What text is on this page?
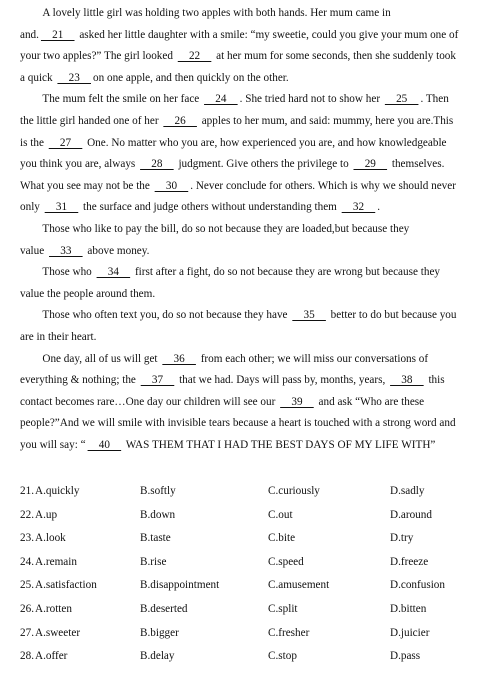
  A lovely little girl was holding two apples with both hands. Her mum came in
and.  21   asked her little daughter with a smile: “my sweetie, could you give your mum one of
your two apples?” The girl looked   22   at her mum for some seconds, then she suddenly took
a quick   23  on one apple, and then quickly on the other.
  The mum felt the smile on her face   24  . She tried hard not to show her   25  . Then
the little girl handed one of her   26   apples to her mum, and said: mummy, here you are.This
is the   27   One. No matter who you are, how experienced you are, and how knowledgeable
you think you are, always   28   judgment. Give others the privilege to   29   themselves.
What you see may not be the   30  . Never conclude for others. Which is why we should never
only   31   the surface and judge others without understanding them   32  .
  Those who like to pay the bill, do so not because they are loaded,but because they
value   33   above money.
  Those who   34   first after a fight, do so not because they are wrong but because they
value the people around them.
  Those who often text you, do so not because they have   35   better to do but because you
are in their heart.
  One day, all of us will get   36   from each other; we will miss our conversations of
everything & nothing; the   37   that we had. Days will pass by, months, years,   38   this
contact becomes rare…One day our children will see our   39   and ask “Who are these
people?”And we will smile with invisible tears because a heart is touched with a strong word and
you will say: “  40   WAS THEM THAT I HAD THE BEST DAYS OF MY LIFE WITH”
21. A.quickly	B.softly	C.curiously	D.sadly
22. A.up	B.down	C.out	D.around
23. A.look	B.taste	C.bite	D.try
24. A.remain	B.rise	C.speed	D.freeze
25. A.satisfaction	B.disappointment	C.amusement	D.confusion
26. A.rotten	B.deserted	C.split	D.bitten
27. A.sweeter	B.bigger	C.fresher	D.juicier
28. A.offer	B.delay	C.stop	D.pass
